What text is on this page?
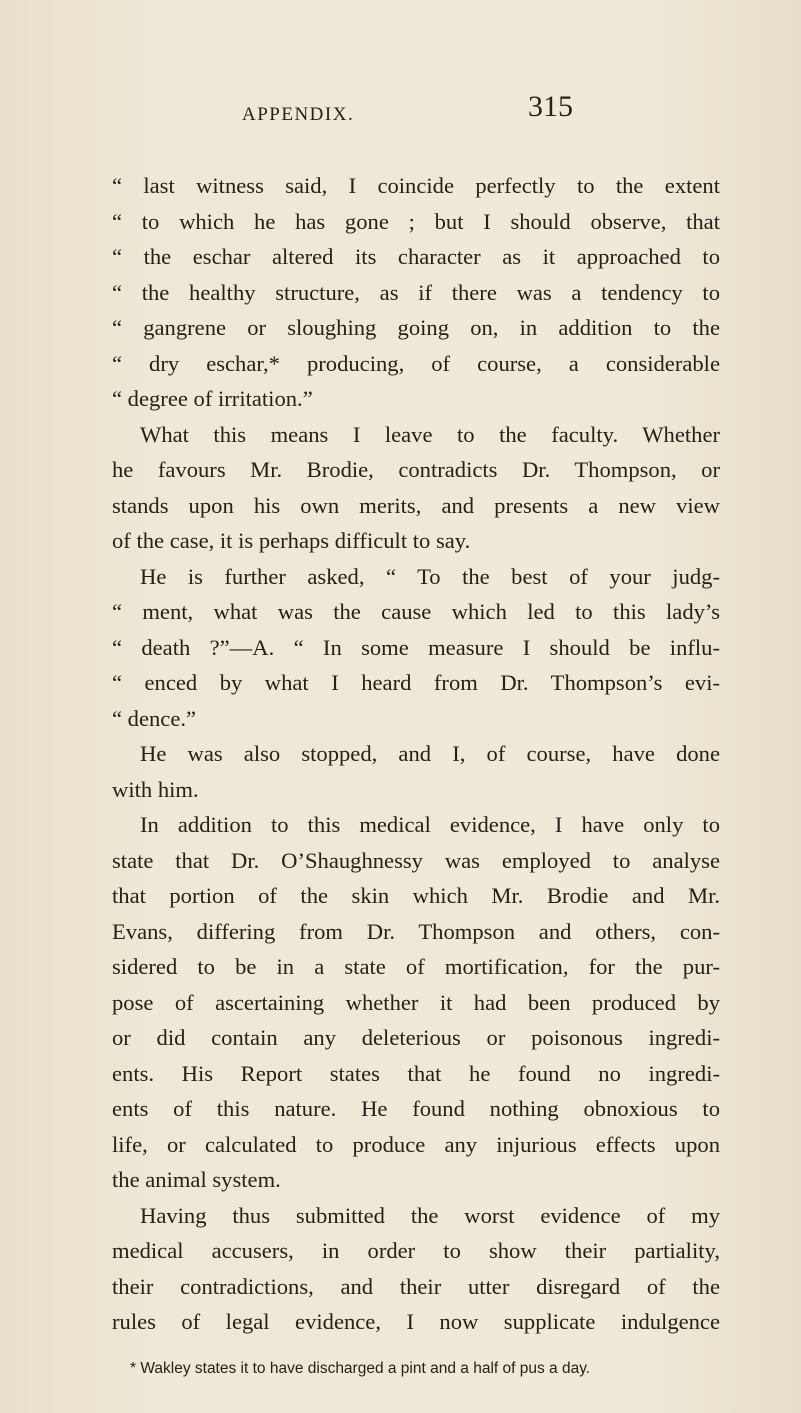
APPENDIX.	315
“ last witness said, I coincide perfectly to the extent
“ to which he has gone ; but I should observe, that
“ the eschar altered its character as it approached to
“ the healthy structure, as if there was a tendency to
“ gangrene or sloughing going on, in addition to the
“ dry eschar,* producing, of course, a considerable
“ degree of irritation.”
What this means I leave to the faculty. Whether
he favours Mr. Brodie, contradicts Dr. Thompson, or
stands upon his own merits, and presents a new view
of the case, it is perhaps difficult to say.
He is further asked, “ To the best of your judg-
“ ment, what was the cause which led to this lady’s
“ death ?”—A. “ In some measure I should be influ-
“ enced by what I heard from Dr. Thompson’s evi-
“ dence.”
He was also stopped, and I, of course, have done
with him.
In addition to this medical evidence, I have only to
state that Dr. O’Shaughnessy was employed to analyse
that portion of the skin which Mr. Brodie and Mr.
Evans, differing from Dr. Thompson and others, con-
sidered to be in a state of mortification, for the pur-
pose of ascertaining whether it had been produced by
or did contain any deleterious or poisonous ingredi-
ents. His Report states that he found no ingredi-
ents of this nature. He found nothing obnoxious to
life, or calculated to produce any injurious effects upon
the animal system.
Having thus submitted the worst evidence of my
medical accusers, in order to show their partiality,
their contradictions, and their utter disregard of the
rules of legal evidence, I now supplicate indulgence
* Wakley states it to have discharged a pint and a half of pus a day.
